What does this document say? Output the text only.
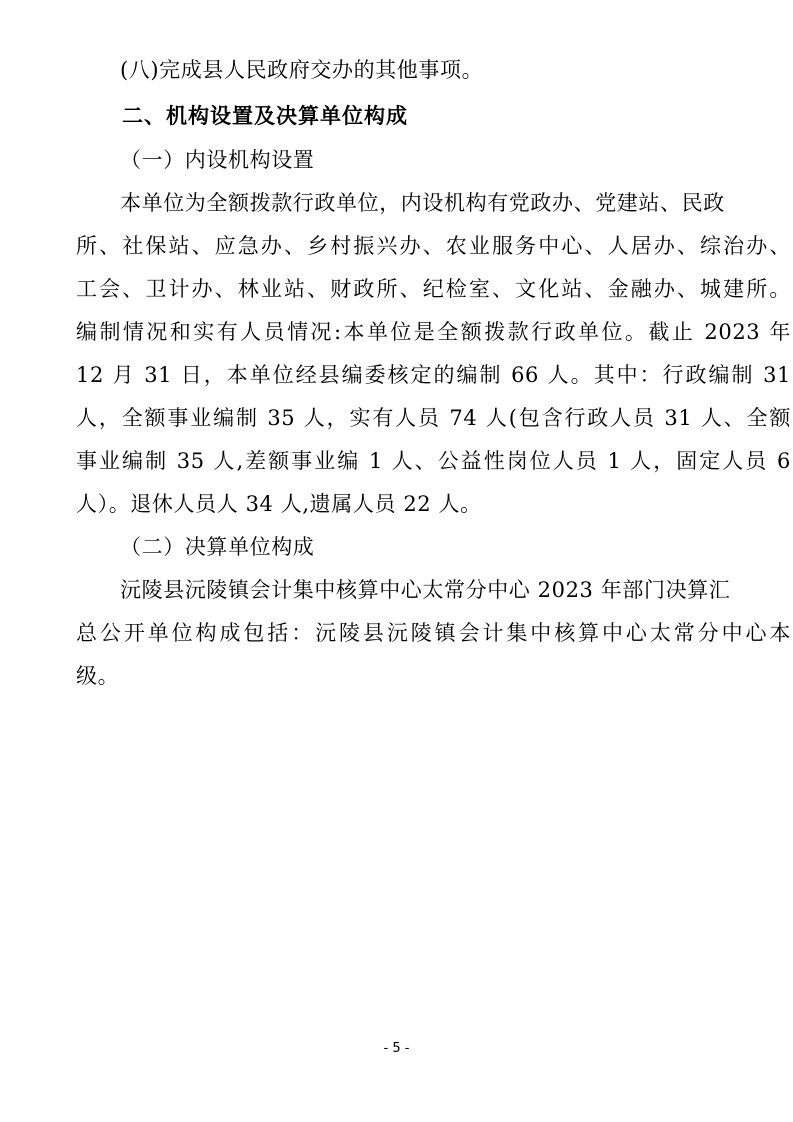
(八)完成县人民政府交办的其他事项。
二、机构设置及决算单位构成
（一）内设机构设置
本单位为全额拨款行政单位，内设机构有党政办、党建站、民政
所、社保站、应急办、乡村振兴办、农业服务中心、人居办、综治办、
工会、卫计办、林业站、财政所、纪检室、文化站、金融办、城建所。
编制情况和实有人员情况:本单位是全额拨款行政单位。截止 2023 年
12 月 31 日，本单位经县编委核定的编制 66 人。其中：行政编制 31
人，全额事业编制 35 人，实有人员 74 人(包含行政人员 31 人、全额
事业编制 35 人,差额事业编 1 人、公益性岗位人员 1 人，固定人员 6
人）。退休人员人 34 人,遗属人员 22 人。
（二）决算单位构成
沅陵县沅陵镇会计集中核算中心太常分中心 2023 年部门决算汇
总公开单位构成包括：沅陵县沅陵镇会计集中核算中心太常分中心本
级。
- 5 -
